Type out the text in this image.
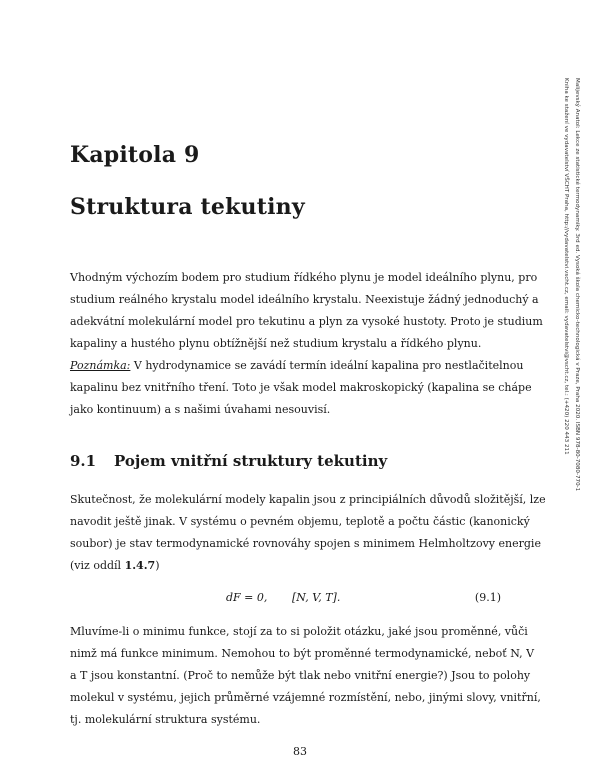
Malijevský Anatol: Lekce ze statistické termodynamiky. 3rd ed. Vysoká škola chemicko-technologická v Praze, Praha 2020. ISBN 978-80-7080-770-1
Kniha ke stažení ve vydavatelství VŠCHT Praha, http://vydavatelstvi.vscht.cz, email: vydavatelstvi@vscht.cz, tel.: (+420) 220 443 211
Kapitola 9
Struktura tekutiny
Vhodným výchozím bodem pro studium řídkého plynu je model ideálního plynu, pro
studium reálného krystalu model ideálního krystalu. Neexistuje žádný jednoduchý a
adekvátní molekulární model pro tekutinu a plyn za vysoké hustoty. Proto je studium
kapaliny a hustého plynu obtížnější než studium krystalu a řídkého plynu.
Poznámka: V hydrodynamice se zavádí termín ideální kapalina pro nestlačitelnou
kapalinu bez vnitřního tření. Toto je však model makroskopický (kapalina se chápe
jako kontinuum) a s našimi úvahami nesouvisí.
9.1 Pojem vnitřní struktury tekutiny
Skutečnost, že molekulární modely kapalin jsou z principiálních důvodů složitější, lze
navodit ještě jinak. V systému o pevném objemu, teplotě a počtu částic (kanonický
soubor) je stav termodynamické rovnováhy spojen s minimem Helmholtzovy energie
(viz oddíl 1.4.7)
dF = 0, [N, V, T].	(9.1)
Mluvíme-li o minimu funkce, stojí za to si položit otázku, jaké jsou proměnné, vůči
nimž má funkce minimum. Nemohou to být proměnné termodynamické, neboť N, V
a T jsou konstantní. (Proč to nemůže být tlak nebo vnitřní energie?) Jsou to polohy
molekul v systému, jejich průměrné vzájemné rozmístění, nebo, jinými slovy, vnitřní,
tj. molekulární struktura systému.
83
